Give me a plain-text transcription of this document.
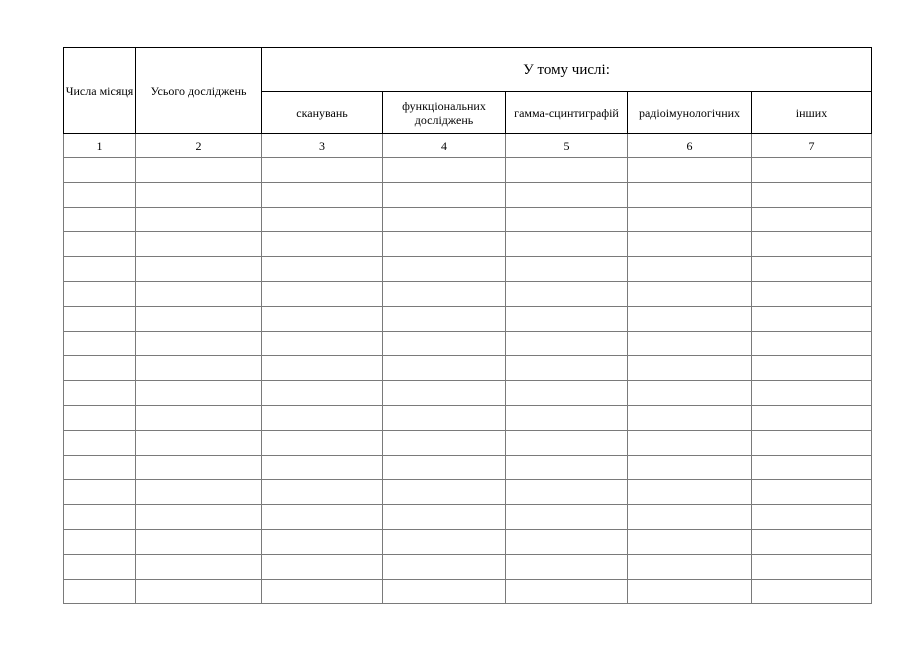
Числа місяця	Усього досліджень	У тому числі:				
		сканувань	функціональних досліджень	гамма-сцинтиграфій	радіоімунологічних	інших
1	2	3	4	5	6	7
